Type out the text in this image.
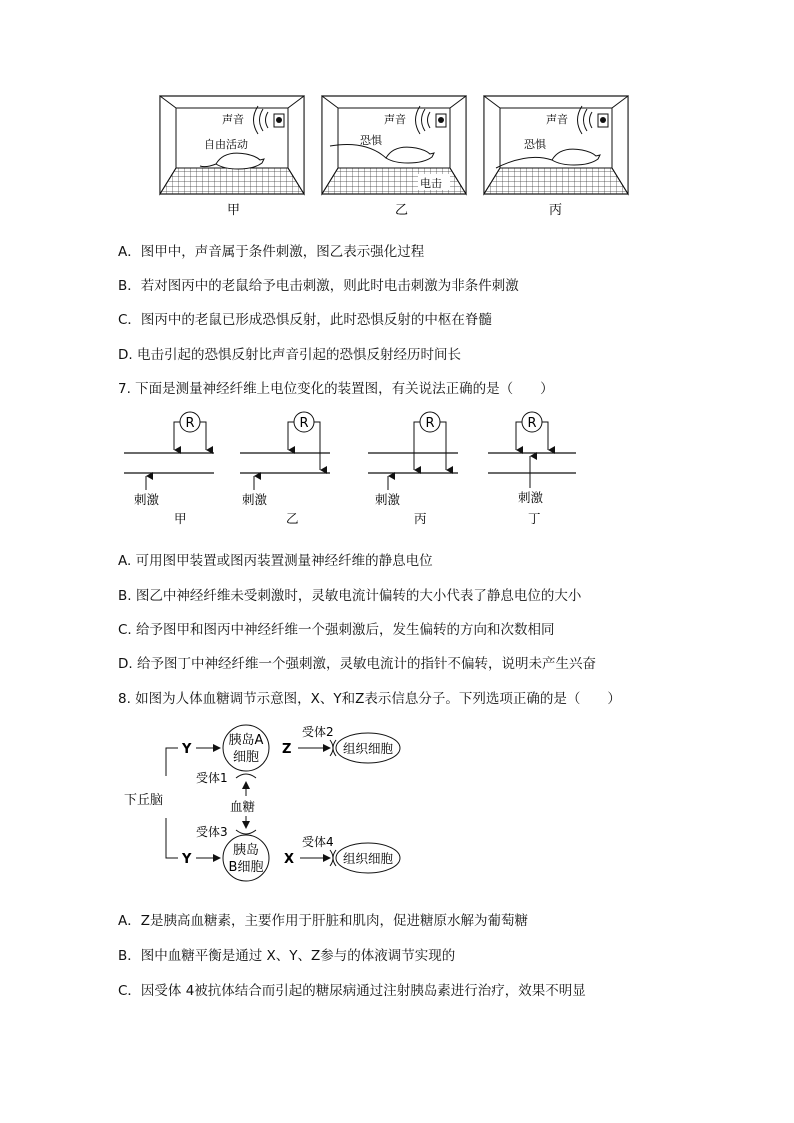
声音
自由活动
甲
声音
恐惧
电击
乙
声音
恐惧
丙
A．图甲中，声音属于条件刺激，图乙表示强化过程
B．若对图丙中的老鼠给予电击刺激，则此时电击刺激为非条件刺激
C．图丙中的老鼠已形成恐惧反射，此时恐惧反射的中枢在脊髓
D. 电击引起的恐惧反射比声音引起的恐惧反射经历时间长
7. 下面是测量神经纤维上电位变化的装置图，有关说法正确的是（　　）
R
刺激
甲
R
刺激
乙
R
刺激
丙
R
刺激
丁
A. 可用图甲装置或图丙装置测量神经纤维的静息电位
B. 图乙中神经纤维未受刺激时，灵敏电流计偏转的大小代表了静息电位的大小
C. 给予图甲和图丙中神经纤维一个强刺激后，发生偏转的方向和次数相同
D. 给予图丁中神经纤维一个强刺激，灵敏电流计的指针不偏转，说明未产生兴奋
8. 如图为人体血糖调节示意图，X、Y和Z表示信息分子。下列选项正确的是（　　）
下丘脑
Y
Y
胰岛A
细胞
受体1
胰岛
B细胞
受体3
血糖
Z
受体2
组织细胞
X
受体4
组织细胞
A．Z是胰高血糖素，主要作用于肝脏和肌肉，促进糖原水解为葡萄糖
B．图中血糖平衡是通过 X、Y、Z参与的体液调节实现的
C．因受体 4被抗体结合而引起的糖尿病通过注射胰岛素进行治疗，效果不明显
